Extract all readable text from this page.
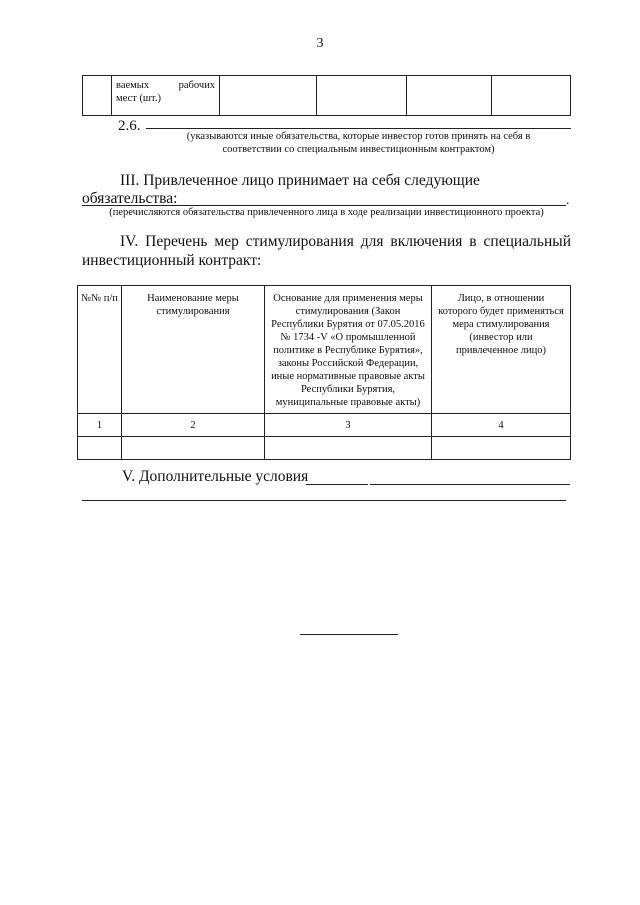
3

ваемых рабочих
мест (шт.)

2.6.
(указываются иные обязательства, которые инвестор готов принять на себя в
соответствии со специальным инвестиционным контрактом)
III. Привлеченное лицо принимает на себя следующие обязательства:	.
(перечисляются обязательства привлеченного лица в ходе реализации инвестиционного проекта)
IV. Перечень мер стимулирования для включения в специальный инвестиционный контракт:
№№ п/п	Наименование меры стимулирования	Основание для применения меры стимулирования (Закон Республики Бурятия от 07.05.2016 № 1734 -V «О промышленной политике в Республике Бурятия», законы Российской Федерации, иные нормативные правовые акты Республики Бурятия, муниципальные правовые акты)	Лицо, в отношении которого будет применяться мера стимулирования (инвестор или привлеченное лицо)
1	2	3	4

V. Дополнительные условия
